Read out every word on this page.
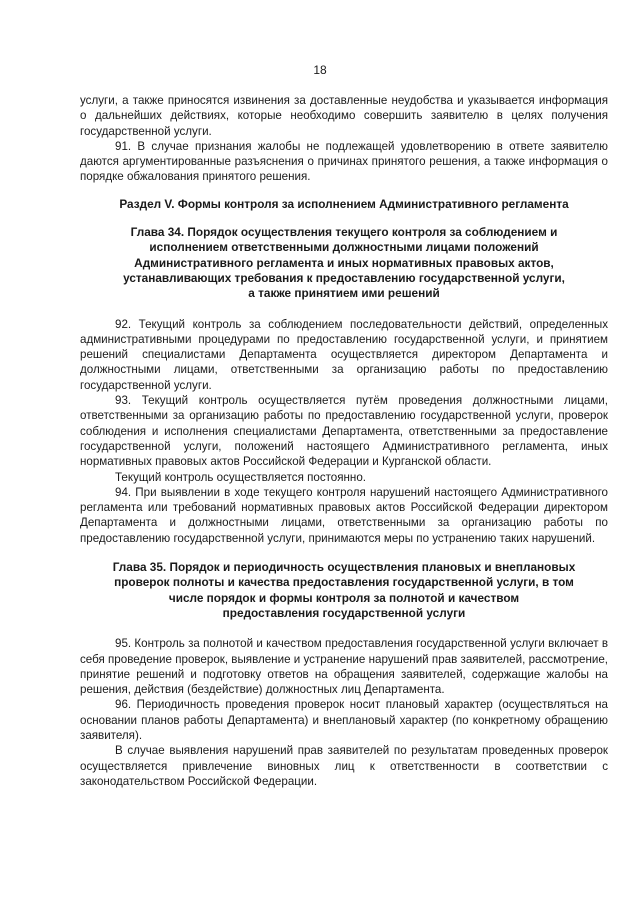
18

услуги, а также приносятся извинения за доставленные неудобства и указывается информация о дальнейших действиях, которые необходимо совершить заявителю в целях получения государственной услуги.

91. В случае признания жалобы не подлежащей удовлетворению в ответе заявителю даются аргументированные разъяснения о причинах принятого решения, а также информация о порядке обжалования принятого решения.

Раздел V. Формы контроля за исполнением Административного регламента

Глава 34. Порядок осуществления текущего контроля за соблюдением и
исполнением ответственными должностными лицами положений
Административного регламента и иных нормативных правовых актов,
устанавливающих требования к предоставлению государственной услуги,
а также принятием ими решений

92. Текущий контроль за соблюдением последовательности действий, определенных административными процедурами по предоставлению государственной услуги, и принятием решений специалистами Департамента осуществляется директором Департамента и должностными лицами, ответственными за организацию работы по предоставлению государственной услуги.

93. Текущий контроль осуществляется путём проведения должностными лицами, ответственными за организацию работы по предоставлению государственной услуги, проверок соблюдения и исполнения специалистами Департамента, ответственными за предоставление государственной услуги, положений настоящего Административного регламента, иных нормативных правовых актов Российской Федерации и Курганской области.

Текущий контроль осуществляется постоянно.

94. При выявлении в ходе текущего контроля нарушений настоящего Административного регламента или требований нормативных правовых актов Российской Федерации директором Департамента и должностными лицами, ответственными за организацию работы по предоставлению государственной услуги, принимаются меры по устранению таких нарушений.

Глава 35. Порядок и периодичность осуществления плановых и внеплановых
проверок полноты и качества предоставления государственной услуги, в том
числе порядок и формы контроля за полнотой и качеством
предоставления государственной услуги

95. Контроль за полнотой и качеством предоставления государственной услуги включает в себя проведение проверок, выявление и устранение нарушений прав заявителей, рассмотрение, принятие решений и подготовку ответов на обращения заявителей, содержащие жалобы на решения, действия (бездействие) должностных лиц Департамента.

96. Периодичность проведения проверок носит плановый характер (осуществляться на основании планов работы Департамента) и внеплановый характер (по конкретному обращению заявителя).

В случае выявления нарушений прав заявителей по результатам проведенных проверок осуществляется привлечение виновных лиц к ответственности в соответствии с законодательством Российской Федерации.
